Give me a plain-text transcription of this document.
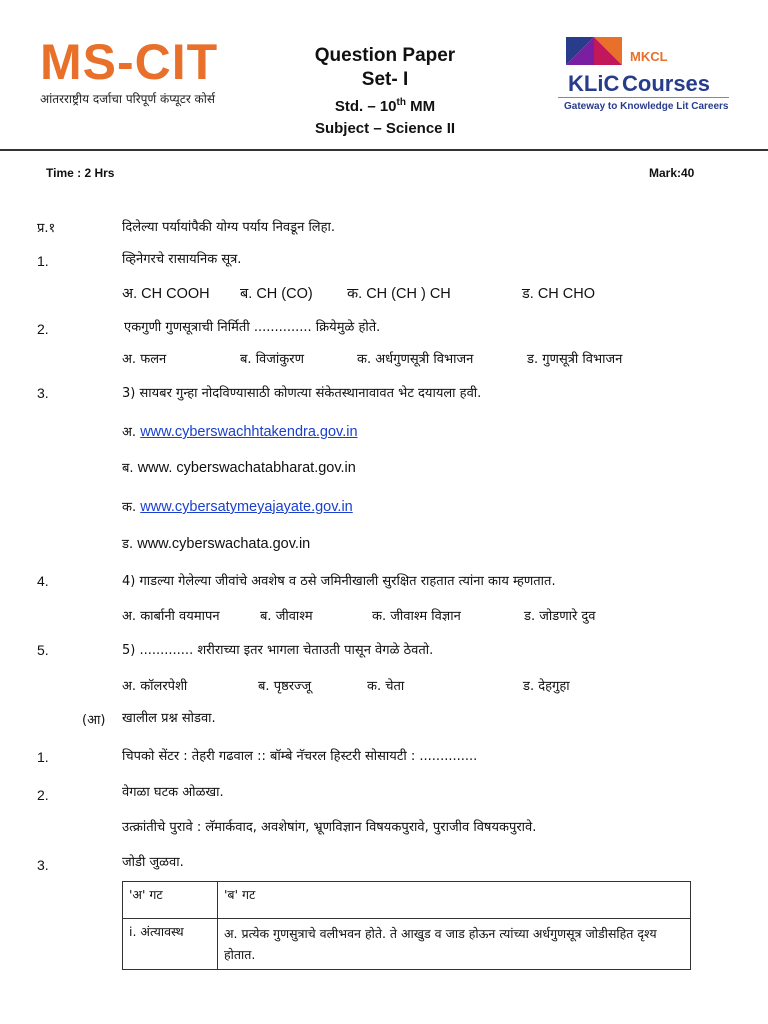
MS-CIT
आंतरराष्ट्रीय दर्जाचा परिपूर्ण कंप्यूटर कोर्स
Question Paper
Set- I
Std. – 10th MM
Subject – Science II
MKCL
KLiC Courses
Gateway to Knowledge Lit Careers
Time : 2 Hrs	Mark:40
प्र.१	दिलेल्या पर्यायांपैकी योग्य पर्याय निवडून लिहा.
1.	व्हिनेगरचे रासायनिक सूत्र.
अ. CH COOH ब. CH (CO) क. CH (CH ) CH	ड. CH CHO
2.	एकगुणी गुणसूत्राची निर्मिती .............. क्रियेमुळे होते.
अ. फलन	ब. विजांकुरण	क. अर्धगुणसूत्री विभाजन	ड. गुणसूत्री विभाजन
3.	3) सायबर गुन्हा नोदविण्यासाठी कोणत्या संकेतस्थानावावत भेट दयायला हवी.
अ. www.cyberswachhtakendra.gov.in
ब. www. cyberswachatabharat.gov.in
क. www.cybersatymeyajayate.gov.in
ड. www.cyberswachata.gov.in
4.	4) गाडल्या गेलेल्या जीवांचे अवशेष व ठसे जमिनीखाली सुरक्षित राहतात त्यांना काय म्हणतात.
अ. कार्बानी वयमापन	ब. जीवाश्म	क. जीवाश्म विज्ञान	ड. जोडणारे दुव
5.	5) ............. शरीराच्या इतर भागला चेताउती पासून वेगळे ठेवतो.
अ. कॉलरपेशी	ब. पृष्ठरज्जू	क. चेता	ड. देहगुहा
(आ) खालील प्रश्न सोडवा.
1.	चिपको सेंटर : तेहरी गढवाल :: बॉम्बे नॅचरल हिस्टरी सोसायटी : ..............
2.	वेगळा घटक ओळखा.
उत्क्रांतीचे पुरावे : लॅमार्कवाद, अवशेषांग, भ्रूणविज्ञान विषयकपुरावे, पुराजीव विषयकपुरावे.
3.	जोडी जुळवा.
'अ' गट	'ब' गट
i. अंत्यावस्थ	अ. प्रत्येक गुणसुत्राचे वलीभवन होते. ते आखुड व जाड होऊन त्यांच्या अर्धगुणसूत्र जोडीसहित दृश्य होतात.
